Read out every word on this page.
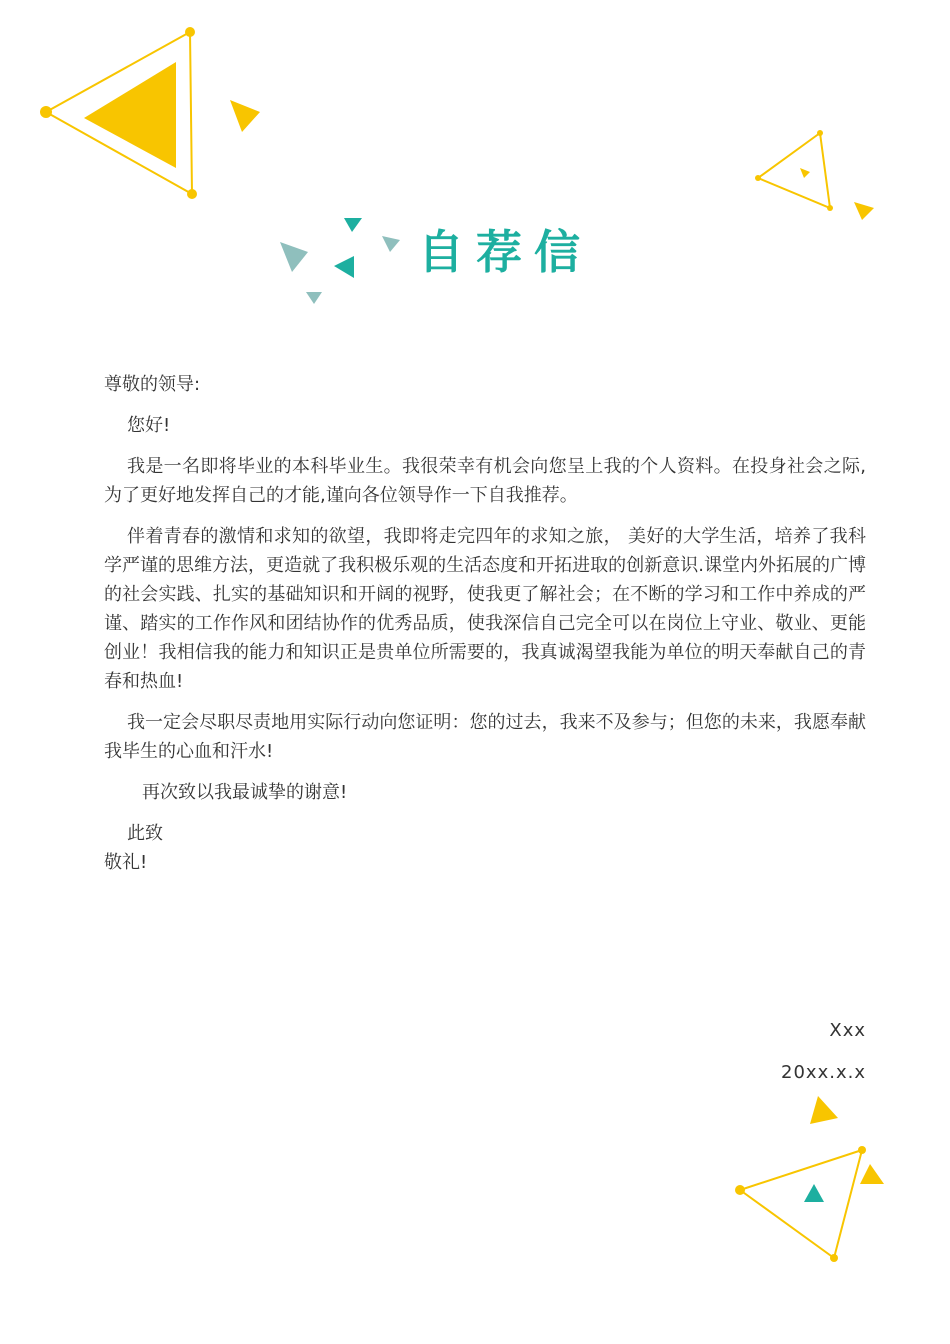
自荐信

尊敬的领导:

您好!

我是一名即将毕业的本科毕业生。我很荣幸有机会向您呈上我的个人资料。在投身社会之际,为了更好地发挥自己的才能,谨向各位领导作一下自我推荐。

伴着青春的激情和求知的欲望，我即将走完四年的求知之旅， 美好的大学生活，培养了我科学严谨的思维方法，更造就了我积极乐观的生活态度和开拓进取的创新意识.课堂内外拓展的广博的社会实践、扎实的基础知识和开阔的视野，使我更了解社会；在不断的学习和工作中养成的严谨、踏实的工作作风和团结协作的优秀品质，使我深信自己完全可以在岗位上守业、敬业、更能创业！我相信我的能力和知识正是贵单位所需要的，我真诚渴望我能为单位的明天奉献自己的青春和热血!

我一定会尽职尽责地用实际行动向您证明：您的过去，我来不及参与；但您的未来，我愿奉献我毕生的心血和汗水!

再次致以我最诚挚的谢意!

此致

敬礼!

Xxx
20xx.x.x
